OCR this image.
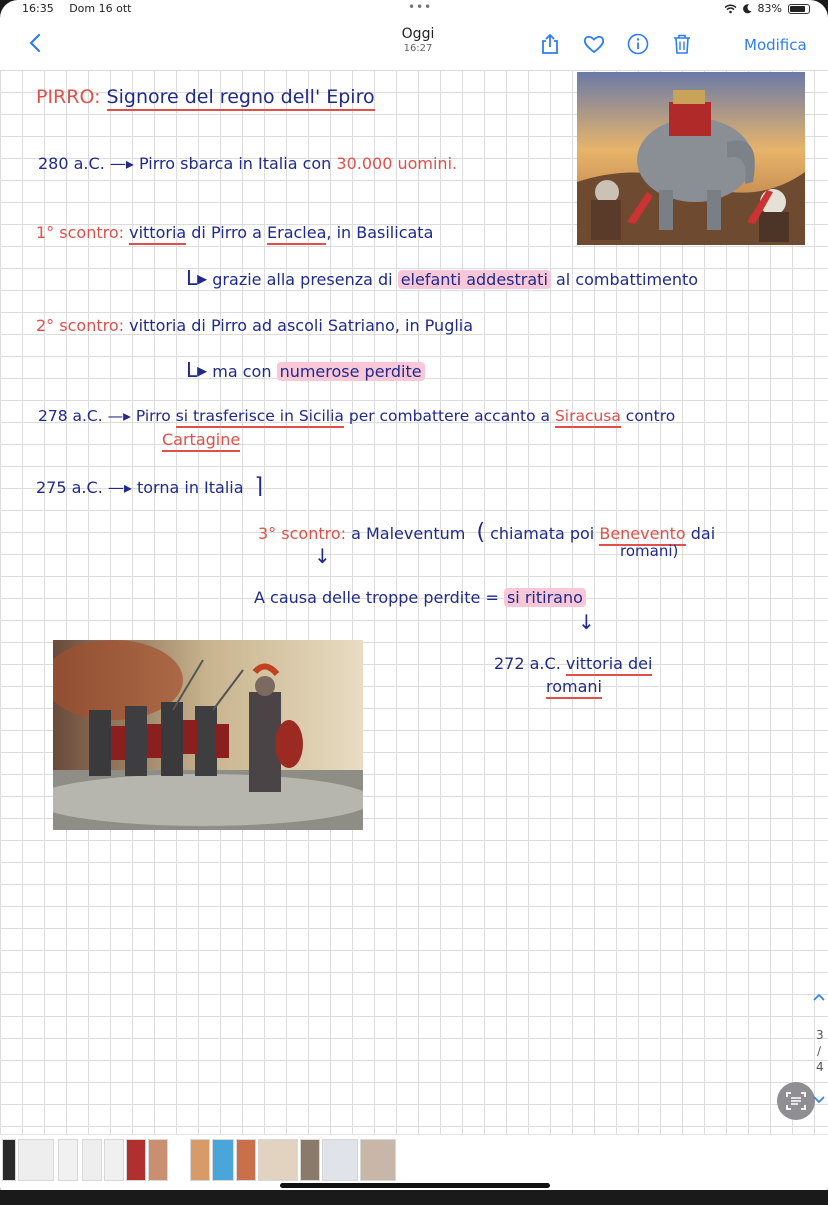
16:35 Dom 16 ott	•••	83%
Oggi
16:27	Modifica
PIRRO: Signore del regno dell' Epiro
280 a.C. —▸ Pirro sbarca in Italia con 30.000 uomini.
1° scontro: vittoria di Pirro a Eraclea, in Basilicata
L▸ grazie alla presenza di elefanti addestrati al combattimento
2° scontro: vittoria di Pirro ad ascoli Satriano, in Puglia
L▸ ma con numerose perdite
278 a.C. —▸ Pirro si trasferisce in Sicilia per combattere accanto a Siracusa contro
Cartagine
275 a.C. —▸ torna in Italia ⌉
3° scontro: a Maleventum ( chiamata poi Benevento dai
romani)
↓
A causa delle troppe perdite = si ritirano
↓
272 a.C. vittoria dei
romani
3
∕
4
